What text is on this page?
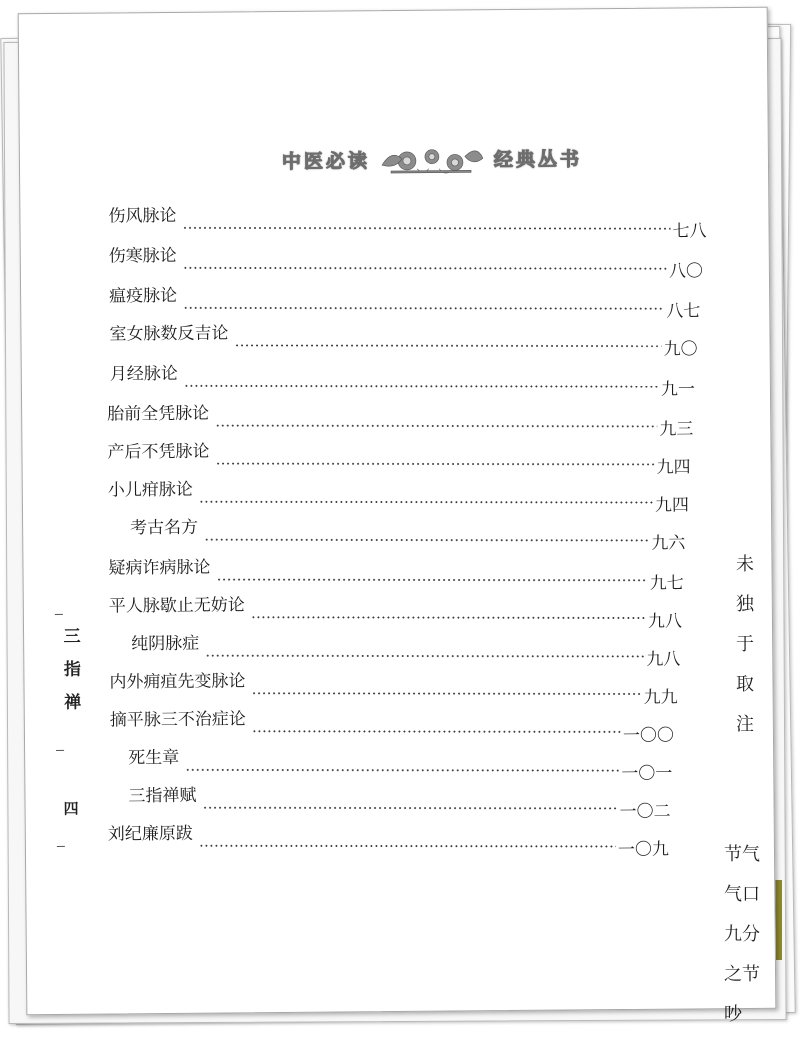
中医必读	经典丛书
伤风脉论
七八
伤寒脉论
八〇
瘟疫脉论
八七
室女脉数反吉论
九〇
月经脉论
九一
胎前全凭脉论
九三
产后不凭脉论
九四
小儿疳脉论
九四
考古名方
九六
疑病诈病脉论
九七
平人脉歇止无妨论
九八
纯阴脉症
九八
内外痈疽先变脉论
九九
摘平脉三不治症论
一〇〇
死生章
一〇一
三指禅赋
一〇二
刘纪廉原跋
一〇九
三
指
禅
四
未
独
于
取
注
节气
气口
九分
之节
吵
